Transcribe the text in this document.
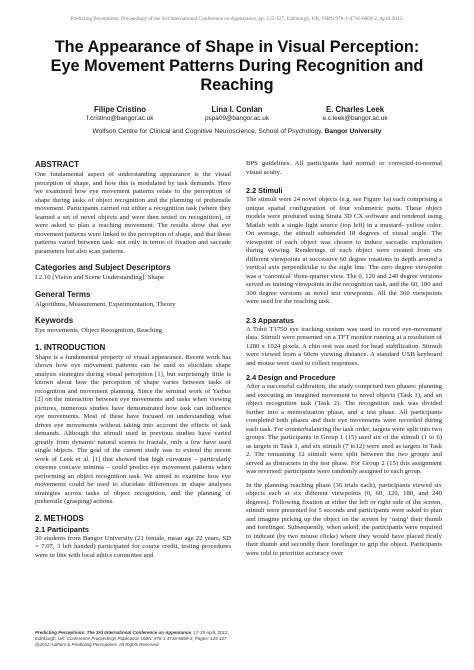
Predicting Perceptions: Proceedings of the 3rd International Conference on Appearance, pp. 125-127, Edinburgh, UK, ISBN 978-1-4716-6869-2, April 2012.
The Appearance of Shape in Visual Perception:
Eye Movement Patterns During Recognition and
Reaching
Filipe Cristino
f.cristino@bangor.ac.uk
Lina I. Conlan
pspa09@bangor.ac.uk
E. Charles Leek
e.c.leek@bangor.ac.uk
Wolfson Centre for Clinical and Cognitive Neuroscience, School of Psychology, Bangor University
ABSTRACT

One fundamental aspect of understanding appearance is the visual perception of shape, and how this is modulated by task demands. Here we examined how eye movement patterns relate to the perception of shape during tasks of object recognition and the planning of prehensile movement. Participants carried out either a recognition task (where they learned a set of novel objects and were then tested on recognition), or were asked to plan a reaching movement. The results show that eye movement patterns were linked to the perception of shape, and that these patterns varied between task: not only in terms of fixation and saccade parameters but also scan patterns.

Categories and Subject Descriptors

I.2.10 [Vision and Scene Understanding]: Shape

General Terms

Algorithms, Measurement, Experimentation, Theory

Keywords

Eye movements, Object Recognition, Reaching

1. INTRODUCTION

Shape is a fundamental property of visual appearance. Recent work has shown how eye movement patterns can be used to elucidate shape analysis strategies during visual perception [1], but surprisingly little is known about how the perception of shape varies between tasks of recognition and movement planning. Since the seminal work of Yarbus [2] on the interaction between eye movements and tasks when viewing pictures, numerous studies have demonstrated how task can influence eye movements. Most of these have focused on understanding what drives eye movements without taking into account the effects of task demands. Although the stimuli used in previous studies have varied greatly from dynamic natural scenes to fractals, only a few have used single objects. The goal of the current study was to extend the recent work of Leek et al. [1] that showed that high curvature – particularly extreme concave minima – could predict eye movement patterns when performing an object recognition task. We aimed to examine how eye movements could be used to elucidate differences in shape analyses strategies across tasks of object recognition, and the planning of prehensile (grasping) actions.

2. METHODS
2.1 Participants

30 students from Bangor University (21 female, mean age 22 years, SD = 7.07, 3 left handed) participated for course credit, testing procedures were in line with local ethics committee and

BPS guidelines. All participants had normal or corrected-to-normal visual acuity.

2.2 Stimuli

The stimuli were 24 novel objects (e.g. see Figure 1a) each comprising a unique spatial configuration of four volumetric parts. These object models were produced using Strata 3D CX software and rendered using Matlab with a single light source (top left) in a mustard- yellow color. On average, the stimuli subtended 18 degrees of visual angle. The viewpoint of each object was chosen to induce saccadic exploration during viewing. Renderings of each object were created from six different viewpoints at successive 60 degree rotations in depth around a vertical axis perpendicular to the sight line. The zero degree viewpoint was a ‘canonical’ three-quarter view. The 0, 120 and 240 degree versions served as training viewpoints in the recognition task, and the 60, 180 and 300 degree versions as novel test viewpoints. All the 360 viewpoints were used for the reaching task.

2.3 Apparatus

A Tobii T1750 eye tracking system was used to record eye-movement data. Stimuli were presented on a TFT monitor running at a resolution of 1280 x 1024 pixels. A chin rest was used for head stabilization. Stimuli were viewed from a 60cm viewing distance. A standard USB keyboard and mouse were used to collect responses.

2.4 Design and Procedure

After a successful calibration, the study comprised two phases: planning and executing an imagined movement to novel objects (Task 1), and an object recognition task (Task 2). The recognition task was divided further into a memorization phase, and a test phase. All participants completed both phases and their eye movements were recorded during each task. For counterbalancing the task order, targets were split into two groups. The participants in Group 1 (15) used six of the stimuli (1 to 6) as targets in Task 1, and six stimuli (7 to12) were used as targets in Task 2. The remaining 12 stimuli were split between the two groups and served as distracters in the test phase. For Group 2 (15) this assignment was reversed: participants were randomly assigned to each group.

In the planning reaching phase (36 trials each), participants viewed six objects each at six different viewpoints (0, 60, 120, 180, and 240 degrees). Following fixation at either the left or right side of the screen, stimuli were presented for 5 seconds and participants were asked to plan and imagine picking up the object on the screen by ‘using’ their thumb and forefinger. Subsequently, when asked, the participants were required to indicate (by two mouse clicks) where they would have placed firstly their thumb and secondly their forefinger to grip the object. Participants were told to prioritize accuracy over

Predicting Perceptions: The 3rd International Conference on Appearance, 17-19 April, 2012, Edinburgh, UK. Conference Proceedings Publication ISBN: 978-1-4716-6869-2, Pages: 125-127 @2012 Authors & Predicting Perceptions. All Rights Reserved.
